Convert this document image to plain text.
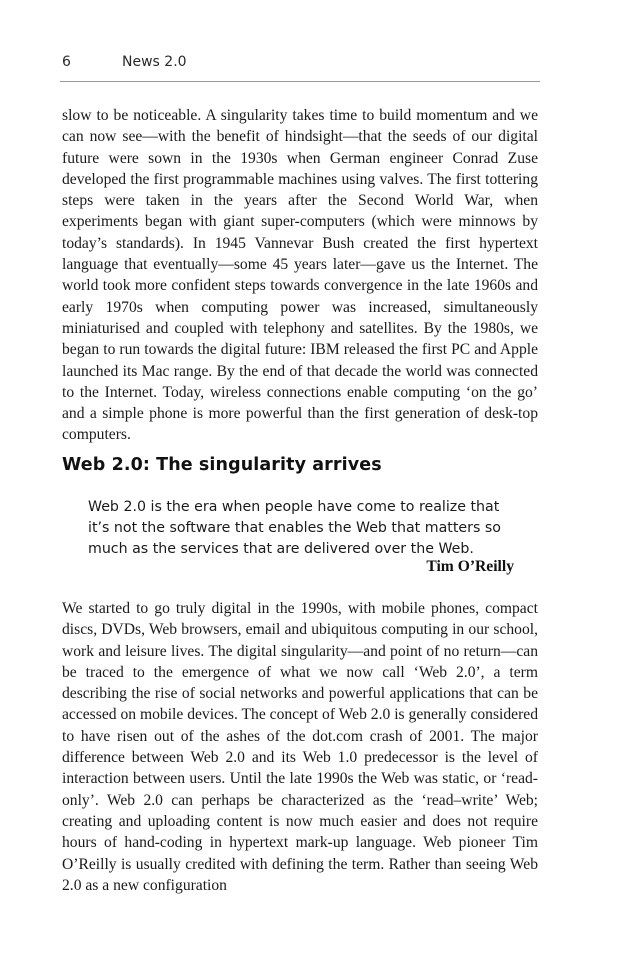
6	News 2.0

slow to be noticeable. A singularity takes time to build momentum and we can now see—with the benefit of hindsight—that the seeds of our digital future were sown in the 1930s when German engineer Conrad Zuse developed the first programmable machines using valves. The first tottering steps were taken in the years after the Second World War, when experiments began with giant super-computers (which were minnows by today’s standards). In 1945 Vannevar Bush created the first hypertext language that eventually—some 45 years later—gave us the Internet. The world took more confident steps towards convergence in the late 1960s and early 1970s when computing power was increased, simultaneously miniaturised and coupled with telephony and satellites. By the 1980s, we began to run towards the digital future: IBM released the first PC and Apple launched its Mac range. By the end of that decade the world was connected to the Internet. Today, wireless connections enable computing ‘on the go’ and a simple phone is more powerful than the first generation of desk-top computers.

Web 2.0: The singularity arrives

Web 2.0 is the era when people have come to realize that it’s not the software that enables the Web that matters so much as the services that are delivered over the Web.

Tim O’Reilly

We started to go truly digital in the 1990s, with mobile phones, compact discs, DVDs, Web browsers, email and ubiquitous computing in our school, work and leisure lives. The digital singularity—and point of no return—can be traced to the emergence of what we now call ‘Web 2.0’, a term describing the rise of social networks and powerful applications that can be accessed on mobile devices. The concept of Web 2.0 is generally considered to have risen out of the ashes of the dot.​com crash of 2001. The major difference between Web 2.0 and its Web 1.0 predecessor is the level of interaction between users. Until the late 1990s the Web was static, or ‘read-only’. Web 2.0 can perhaps be characterized as the ‘read–write’ Web; creating and uploading content is now much easier and does not require hours of hand-coding in hypertext mark-up language. Web pioneer Tim O’Reilly is usually credited with defining the term. Rather than seeing Web 2.0 as a new configuration
